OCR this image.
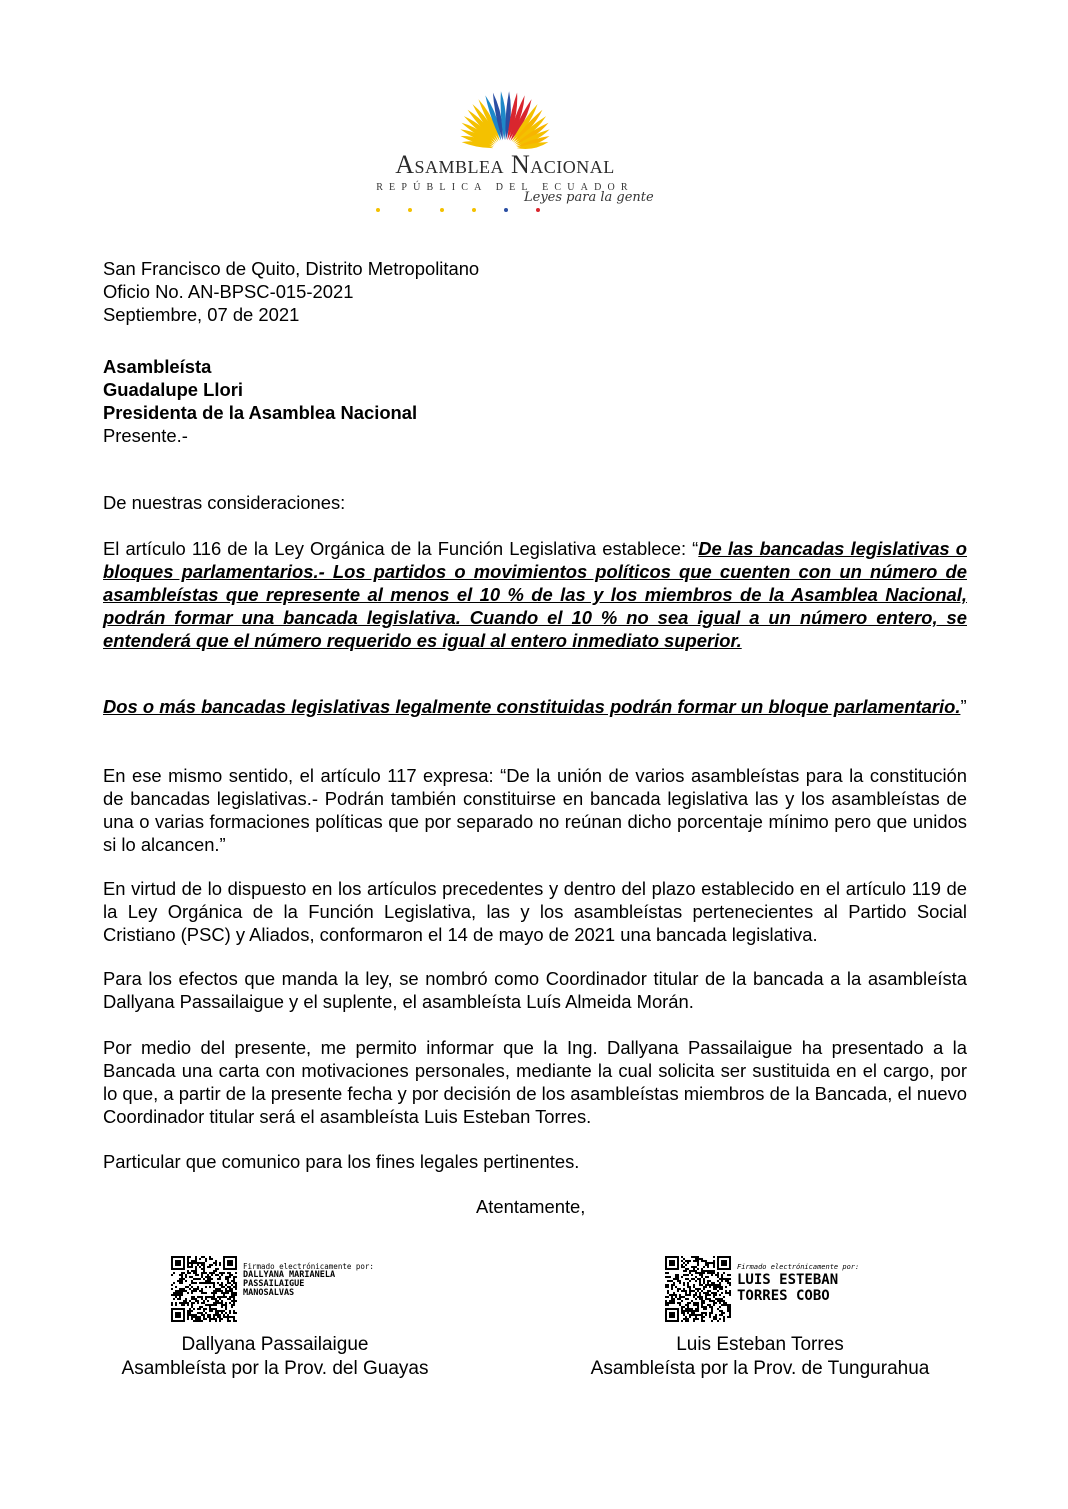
Asamblea Nacional
REPÚBLICA DEL ECUADOR
Leyes para la gente

San Francisco de Quito, Distrito Metropolitano

Oficio No. AN-BPSC-015-2021

Septiembre, 07 de 2021

Asambleísta

Guadalupe Llori

Presidenta de la Asamblea Nacional

Presente.-

De nuestras consideraciones:
El artículo 116 de la Ley Orgánica de la Función Legislativa establece: “De las bancadas legislativas o bloques parlamentarios.- Los partidos o movimientos políticos que cuenten con un número de asambleístas que represente al menos el 10 % de las y los miembros de la Asamblea Nacional, podrán formar una bancada legislativa. Cuando el 10 % no sea igual a un número entero, se entenderá que el número requerido es igual al entero inmediato superior.
Dos o más bancadas legislativas legalmente constituidas podrán formar un bloque parlamentario.”
En ese mismo sentido, el artículo 117 expresa: “De la unión de varios asambleístas para la constitución de bancadas legislativas.- Podrán también constituirse en bancada legislativa las y los asambleístas de una o varias formaciones políticas que por separado no reúnan dicho porcentaje mínimo pero que unidos si lo alcancen.”
En virtud de lo dispuesto en los artículos precedentes y dentro del plazo establecido en el artículo 119 de la Ley Orgánica de la Función Legislativa, las y los asambleístas pertenecientes al Partido Social Cristiano (PSC) y Aliados, conformaron el 14 de mayo de 2021 una bancada legislativa.
Para los efectos que manda la ley, se nombró como Coordinador titular de la bancada a la asambleísta Dallyana Passailaigue y el suplente, el asambleísta Luís Almeida Morán.
Por medio del presente, me permito informar que la Ing. Dallyana Passailaigue ha presentado a la Bancada una carta con motivaciones personales, mediante la cual solicita ser sustituida en el cargo, por lo que, a partir de la presente fecha y por decisión de los asambleístas miembros de la Bancada, el nuevo Coordinador titular será el asambleísta Luis Esteban Torres.
Particular que comunico para los fines legales pertinentes.
Atentamente,
Firmado electrónicamente por:
DALLYANA MARIANELA
PASSAILAIGUE
MANOSALVAS
Dallyana Passailaigue
Asambleísta por la Prov. del Guayas
Firmado electrónicamente por:
LUIS ESTEBAN
TORRES COBO
Luis Esteban Torres
Asambleísta por la Prov. de Tungurahua
